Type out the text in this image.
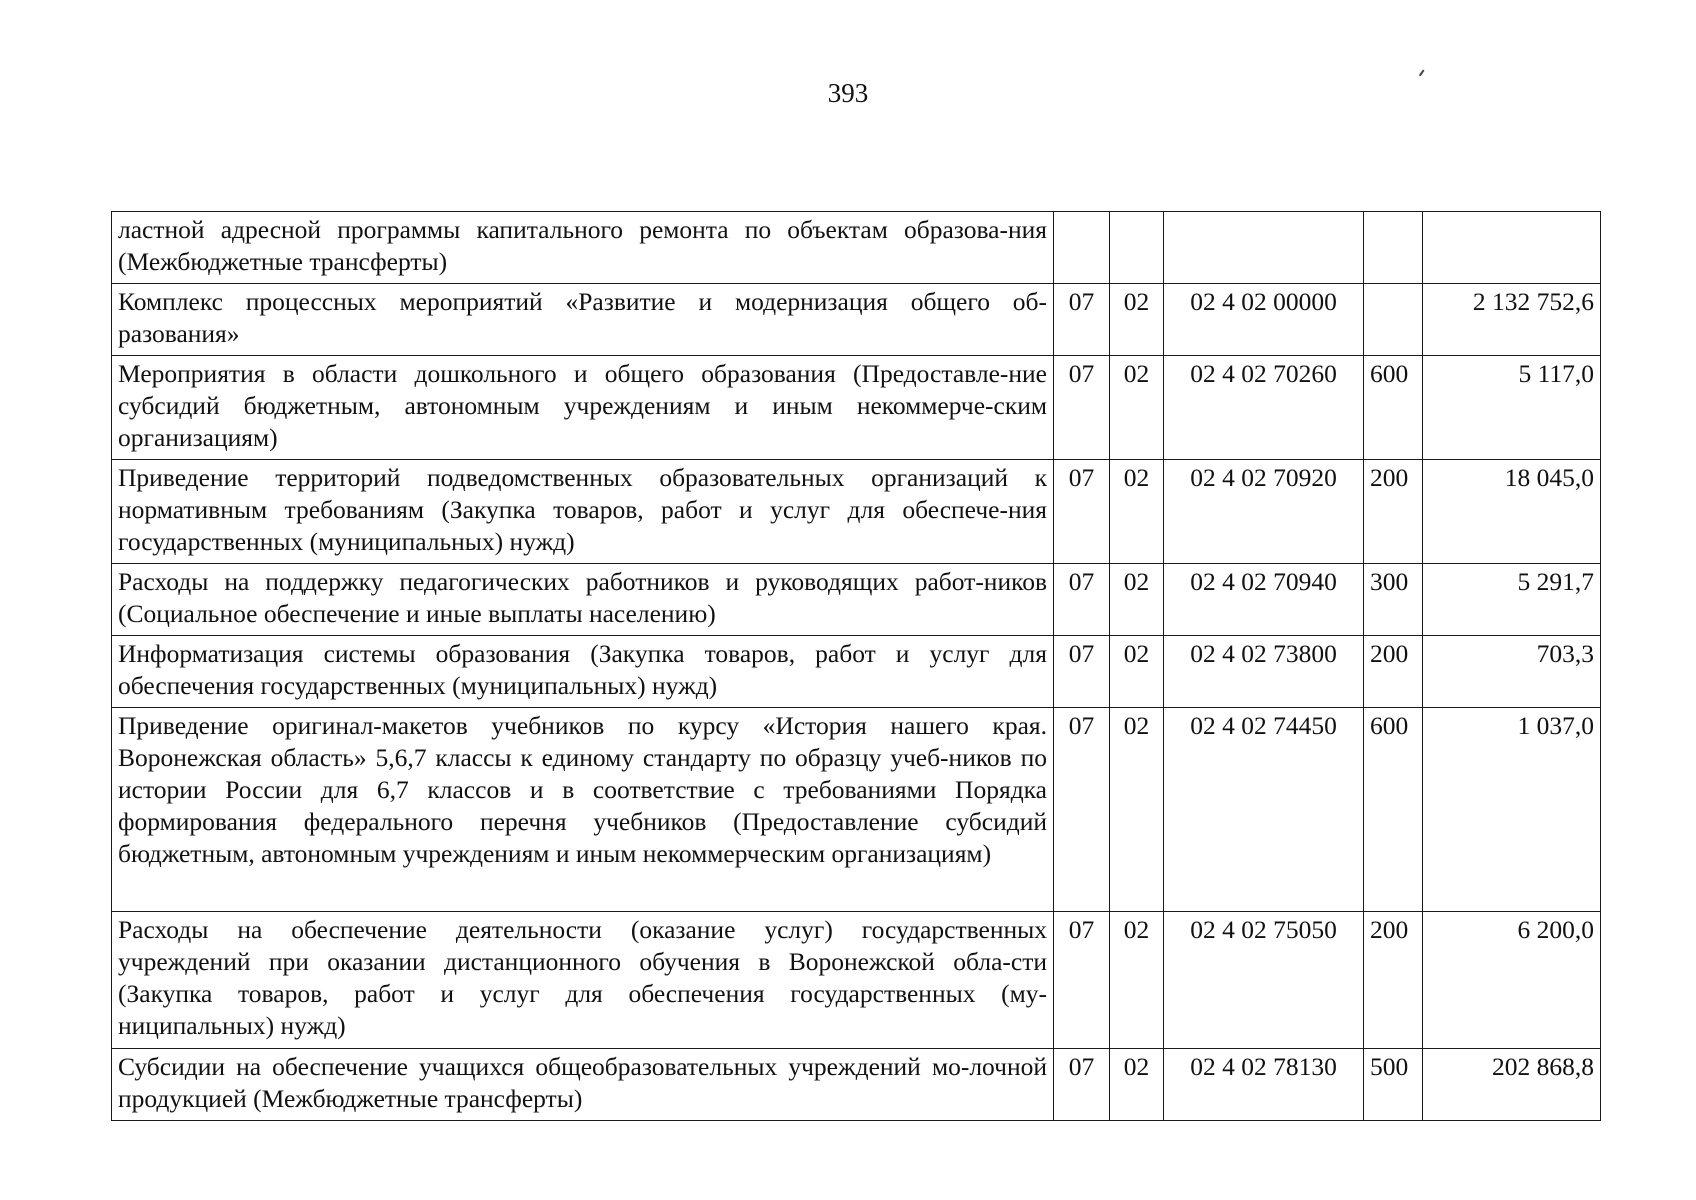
393
ластной адресной программы капитального ремонта по объектам образова-ния (Межбюджетные трансферты)					
Комплекс процессных мероприятий «Развитие и модернизация общего об-разования»	07	02	02 4 02 00000		2 132 752,6
Мероприятия в области дошкольного и общего образования (Предоставле-ние субсидий бюджетным, автономным учреждениям и иным некоммерче-ским организациям)	07	02	02 4 02 70260	600	5 117,0
Приведение территорий подведомственных образовательных организаций к нормативным требованиям (Закупка товаров, работ и услуг для обеспече-ния государственных (муниципальных) нужд)	07	02	02 4 02 70920	200	18 045,0
Расходы на поддержку педагогических работников и руководящих работ-ников (Социальное обеспечение и иные выплаты населению)	07	02	02 4 02 70940	300	5 291,7
Информатизация системы образования (Закупка товаров, работ и услуг для обеспечения государственных (муниципальных) нужд)	07	02	02 4 02 73800	200	703,3
Приведение оригинал-макетов учебников по курсу «История нашего края. Воронежская область» 5,6,7 классы к единому стандарту по образцу учеб-ников по истории России для 6,7 классов и в соответствие с требованиями Порядка формирования федерального перечня учебников (Предоставление субсидий бюджетным, автономным учреждениям и иным некоммерческим организациям)	07	02	02 4 02 74450	600	1 037,0
Расходы на обеспечение деятельности (оказание услуг) государственных учреждений при оказании дистанционного обучения в Воронежской обла-сти (Закупка товаров, работ и услуг для обеспечения государственных (му-ниципальных) нужд)	07	02	02 4 02 75050	200	6 200,0
Субсидии на обеспечение учащихся общеобразовательных учреждений мо-лочной продукцией (Межбюджетные трансферты)	07	02	02 4 02 78130	500	202 868,8
